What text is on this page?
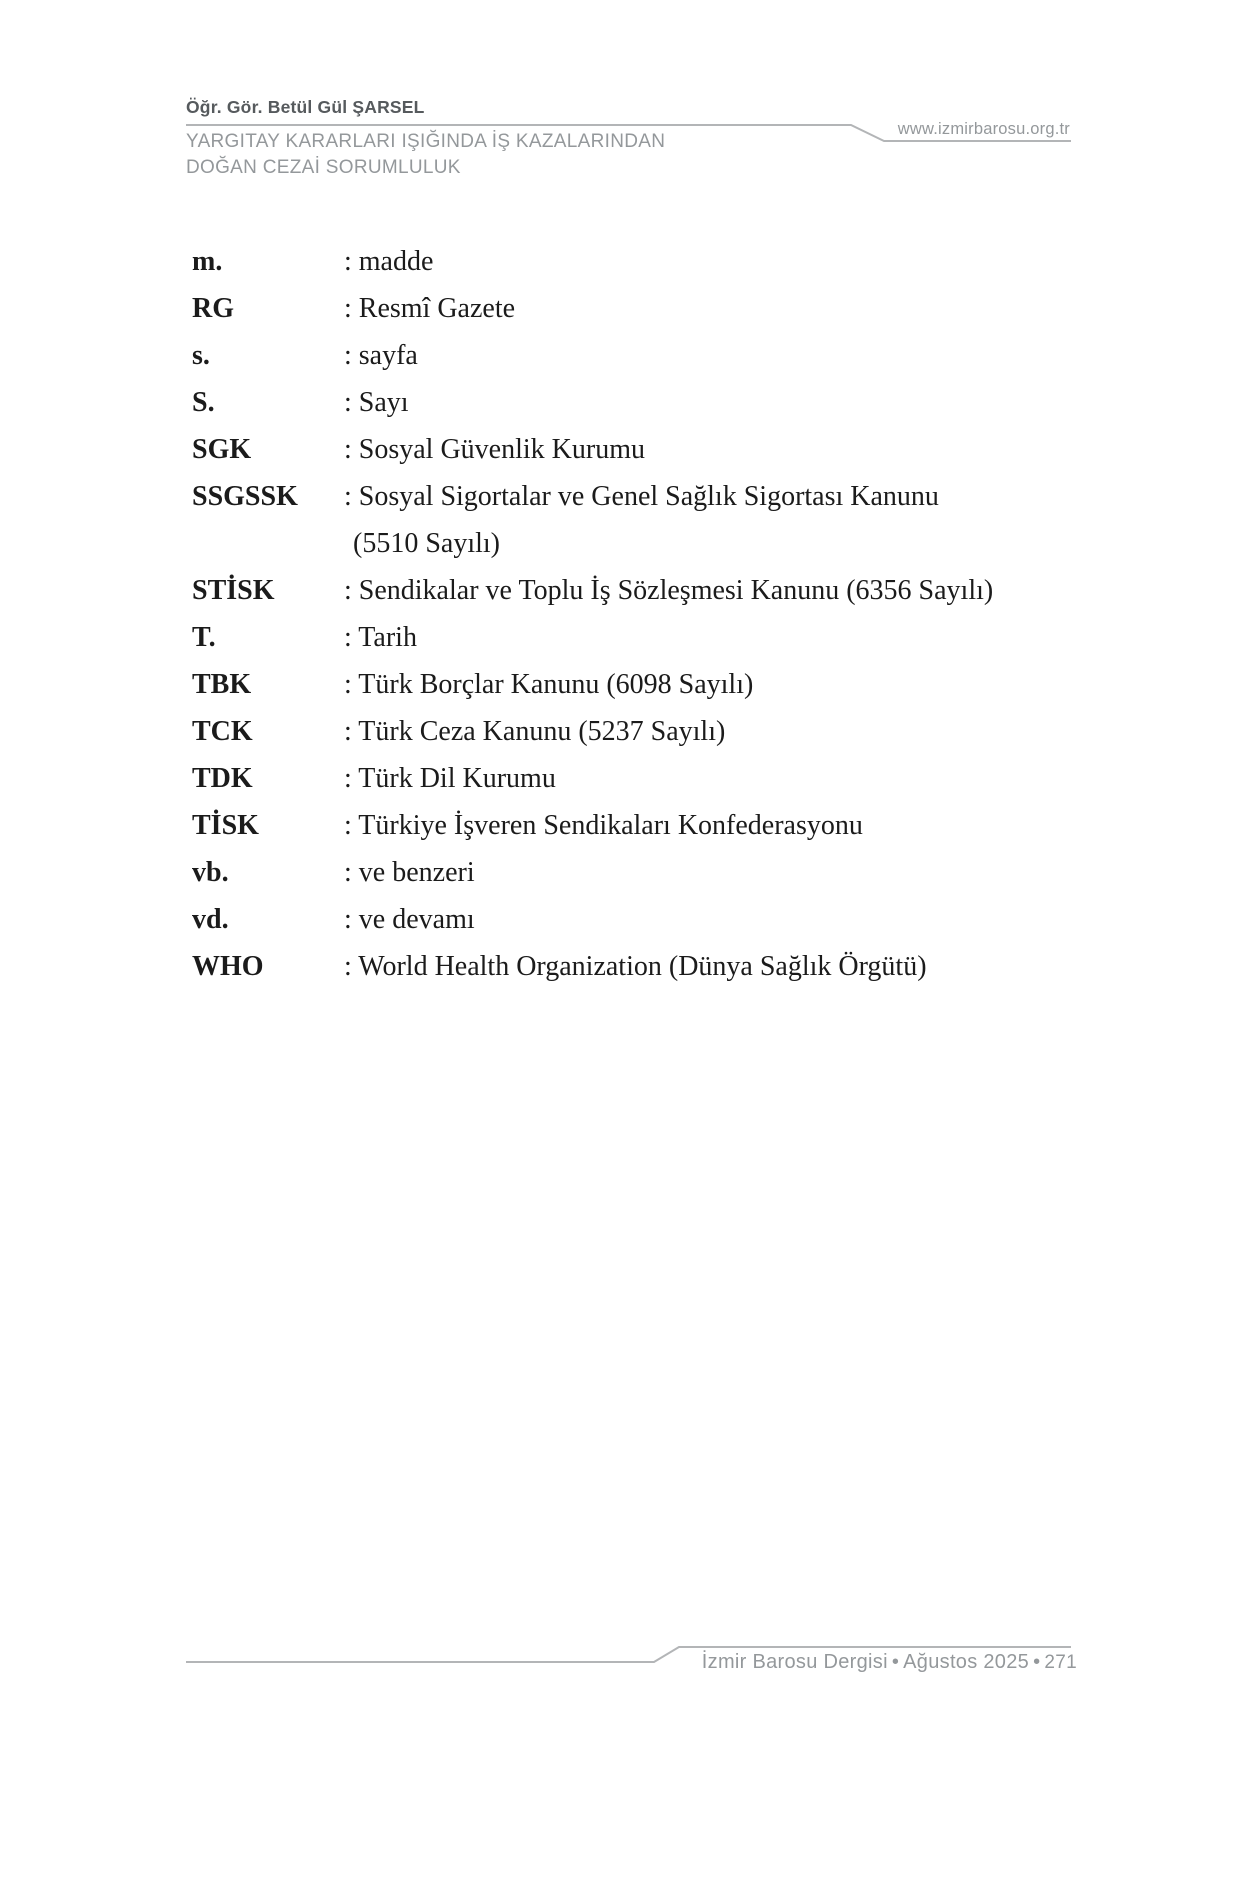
Öğr. Gör. Betül Gül ŞARSEL
www.izmirbarosu.org.tr
YARGITAY KARARLARI IŞIĞINDA İŞ KAZALARINDAN
DOĞAN CEZAİ SORUMLULUK
m.	: madde
RG	: Resmî Gazete
s.	: sayfa
S.	: Sayı
SGK	: Sosyal Güvenlik Kurumu
SSGSSK	: Sosyal Sigortalar ve Genel Sağlık Sigortası Kanunu
(5510 Sayılı)
STİSK	: Sendikalar ve Toplu İş Sözleşmesi Kanunu (6356 Sayılı)
T.	: Tarih
TBK	: Türk Borçlar Kanunu (6098 Sayılı)
TCK	: Türk Ceza Kanunu (5237 Sayılı)
TDK	: Türk Dil Kurumu
TİSK	: Türkiye İşveren Sendikaları Konfederasyonu
vb.	: ve benzeri
vd.	: ve devamı
WHO	: World Health Organization (Dünya Sağlık Örgütü)
İzmir Barosu Dergisi • Ağustos 2025 • 271
